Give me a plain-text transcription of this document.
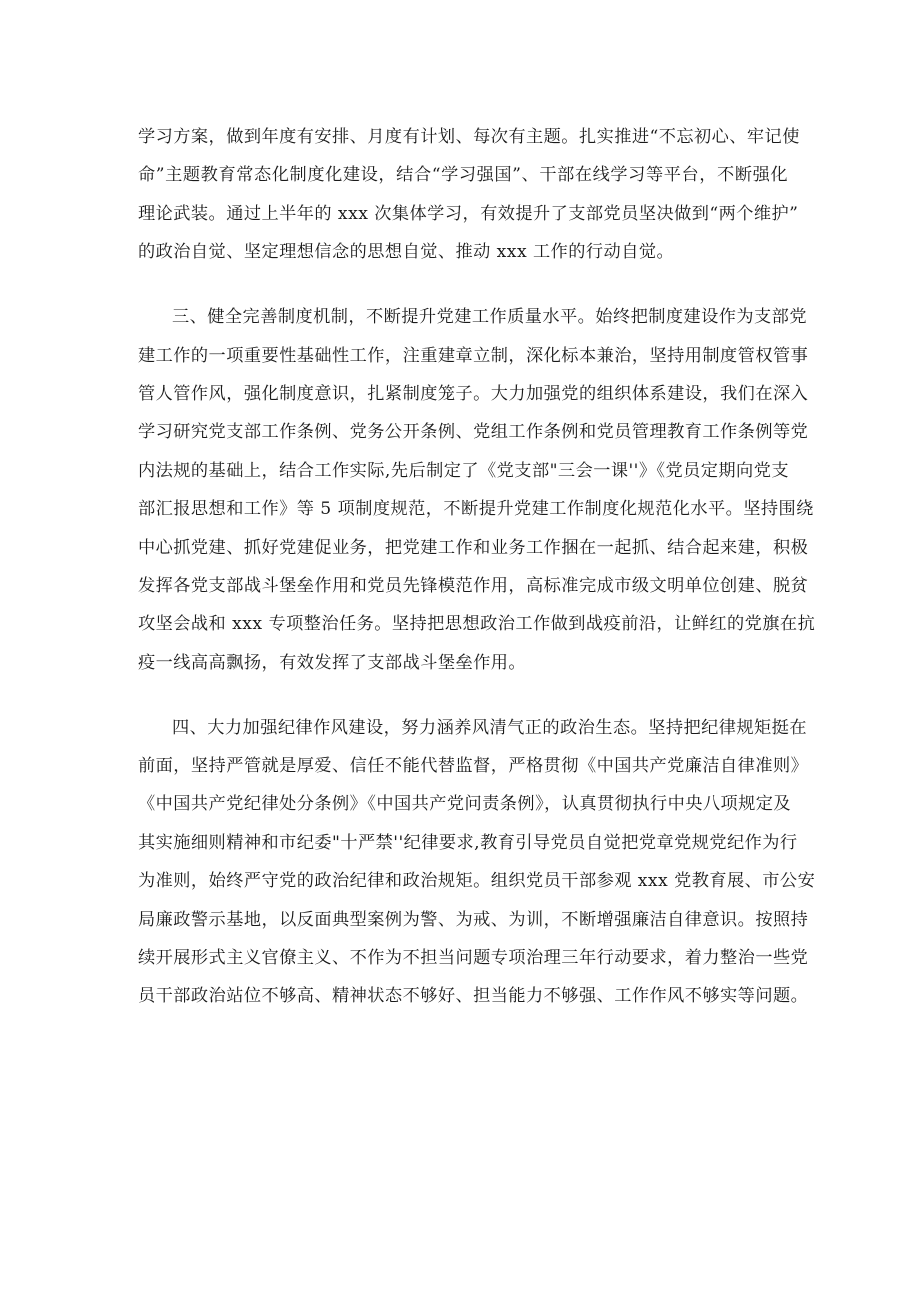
学习方案，做到年度有安排、月度有计划、每次有主题。扎实推进“不忘初心、牢记使
命”主题教育常态化制度化建设，结合“学习强国”、干部在线学习等平台，不断强化
理论武装。通过上半年的 xxx 次集体学习，有效提升了支部党员坚决做到“两个维护”
的政治自觉、坚定理想信念的思想自觉、推动 xxx 工作的行动自觉。
三、健全完善制度机制，不断提升党建工作质量水平。始终把制度建设作为支部党
建工作的一项重要性基础性工作，注重建章立制，深化标本兼治，坚持用制度管权管事
管人管作风，强化制度意识，扎紧制度笼子。大力加强党的组织体系建设，我们在深入
学习研究党支部工作条例、党务公开条例、党组工作条例和党员管理教育工作条例等党
内法规的基础上，结合工作实际,先后制定了《党支部"三会一课''》《党员定期向党支
部汇报思想和工作》等 5 项制度规范，不断提升党建工作制度化规范化水平。坚持围绕
中心抓党建、抓好党建促业务，把党建工作和业务工作捆在一起抓、结合起来建，积极
发挥各党支部战斗堡垒作用和党员先锋模范作用，高标准完成市级文明单位创建、脱贫
攻坚会战和 xxx 专项整治任务。坚持把思想政治工作做到战疫前沿，让鲜红的党旗在抗
疫一线高高飘扬，有效发挥了支部战斗堡垒作用。
四、大力加强纪律作风建设，努力涵养风清气正的政治生态。坚持把纪律规矩挺在
前面，坚持严管就是厚爱、信任不能代替监督，严格贯彻《中国共产党廉洁自律准则》
《中国共产党纪律处分条例》《中国共产党问责条例》，认真贯彻执行中央八项规定及
其实施细则精神和市纪委"十严禁''纪律要求,教育引导党员自觉把党章党规党纪作为行
为准则，始终严守党的政治纪律和政治规矩。组织党员干部参观 xxx 党教育展、市公安
局廉政警示基地，以反面典型案例为警、为戒、为训，不断增强廉洁自律意识。按照持
续开展形式主义官僚主义、不作为不担当问题专项治理三年行动要求，着力整治一些党
员干部政治站位不够高、精神状态不够好、担当能力不够强、工作作风不够实等问题。
